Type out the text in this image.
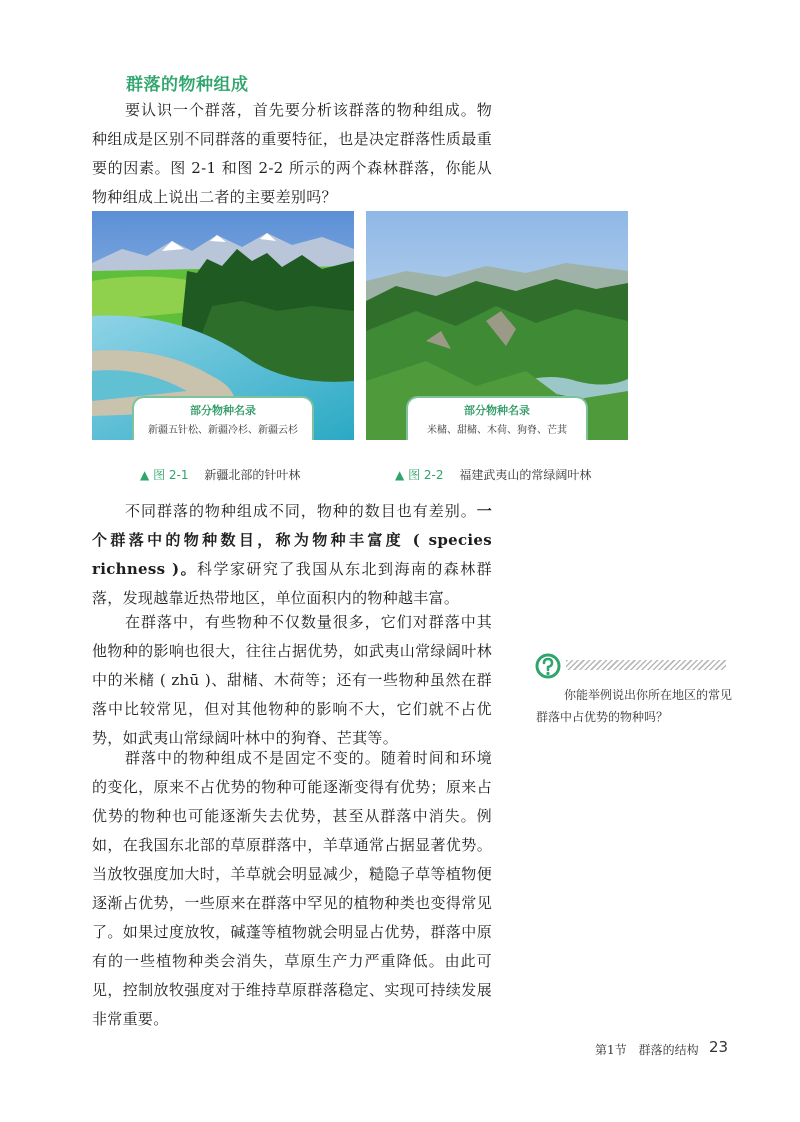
群落的物种组成

要认识一个群落，首先要分析该群落的物种组成。物种组成是区别不同群落的重要特征，也是决定群落性质最重要的因素。图 2-1 和图 2-2 所示的两个森林群落，你能从物种组成上说出二者的主要差别吗？

部分物种名录
新疆五针松、新疆冷杉、新疆云杉
部分物种名录
米槠、甜槠、木荷、狗脊、芒萁
▲ 图 2-1 新疆北部的针叶林	▲ 图 2-2 福建武夷山的常绿阔叶林

不同群落的物种组成不同，物种的数目也有差别。一个群落中的物种数目，称为物种丰富度 ( species richness )。科学家研究了我国从东北到海南的森林群落，发现越靠近热带地区，单位面积内的物种越丰富。

在群落中，有些物种不仅数量很多，它们对群落中其他物种的影响也很大，往往占据优势，如武夷山常绿阔叶林中的米槠 ( zhū )、甜槠、木荷等；还有一些物种虽然在群落中比较常见，但对其他物种的影响不大，它们就不占优势，如武夷山常绿阔叶林中的狗脊、芒萁等。

群落中的物种组成不是固定不变的。随着时间和环境的变化，原来不占优势的物种可能逐渐变得有优势；原来占优势的物种也可能逐渐失去优势，甚至从群落中消失。例如，在我国东北部的草原群落中，羊草通常占据显著优势。当放牧强度加大时，羊草就会明显减少，糙隐子草等植物便逐渐占优势，一些原来在群落中罕见的植物种类也变得常见了。如果过度放牧，碱蓬等植物就会明显占优势，群落中原有的一些植物种类会消失，草原生产力严重降低。由此可见，控制放牧强度对于维持草原群落稳定、实现可持续发展非常重要。

你能举例说出你所在地区的常见群落中占优势的物种吗？

第1节　群落的结构 23
